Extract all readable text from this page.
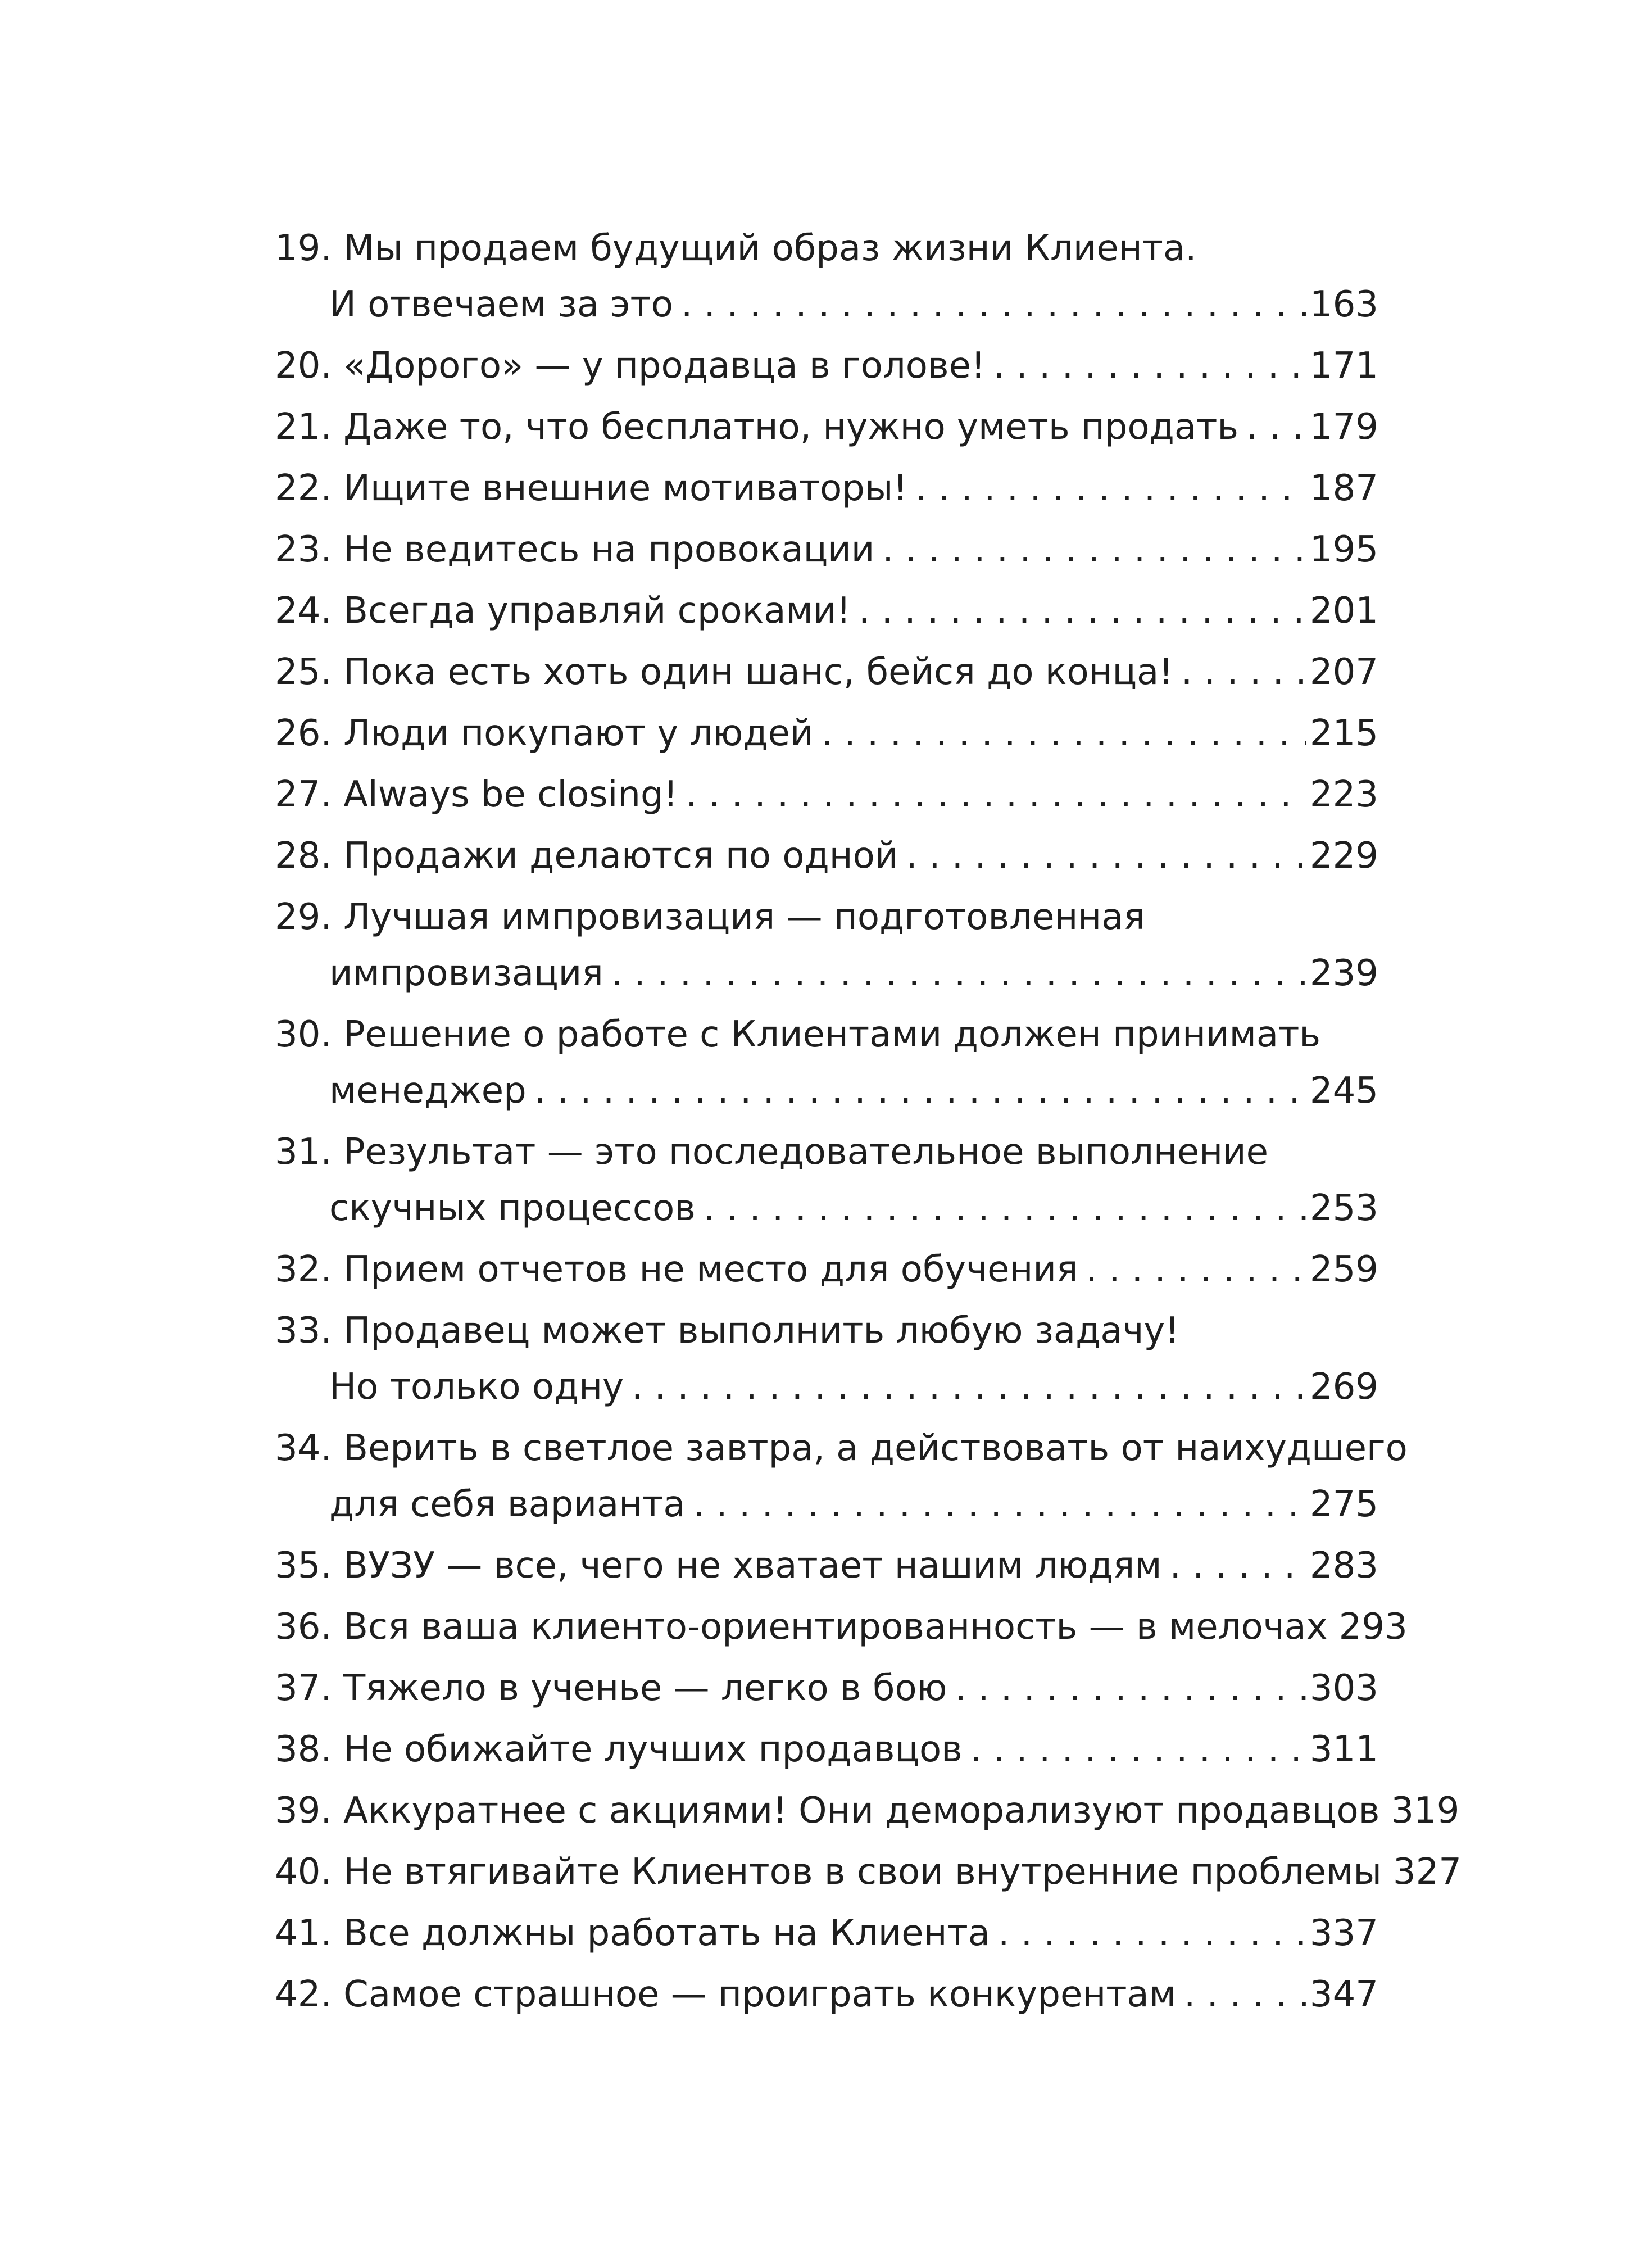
19. Мы продаем будущий образ жизни Клиента.
И отвечаем за это . . .	163
20. «Дорого» — у продавца в голове! . . .	171
21. Даже то, что бесплатно, нужно уметь продать . . . 179
22. Ищите внешние мотиваторы! . . .	187
23. Не ведитесь на провокации . . .	195
24. Всегда управляй сроками! . . .	201
25. Пока есть хоть один шанс, бейся до конца! . . .	207
26. Люди покупают у людей . . .	215
27. Always be closing! . . .	223
28. Продажи делаются по одной . . .	229
29. Лучшая импровизация — подготовленная
импровизация . . .	239
30. Решение о работе с Клиентами должен принимать
менеджер . . .	245
31. Результат — это последовательное выполнение
скучных процессов . . .	253
32. Прием отчетов не место для обучения . . .	259
33. Продавец может выполнить любую задачу!
Но только одну . . .	269
34. Верить в светлое завтра, а действовать от наихудшего
для себя варианта . . .	275
35. ВУЗУ — все, чего не хватает нашим людям . . .	283
36. Вся ваша клиенто-ориентированность — в мелочах 293
37. Тяжело в ученье — легко в бою . . .	303
38. Не обижайте лучших продавцов . . .	311
39. Аккуратнее с акциями! Они деморализуют продавцов 319
40. Не втягивайте Клиентов в свои внутренние проблемы 327
41. Все должны работать на Клиента . . .	337
42. Самое страшное — проиграть конкурентам . . .	347
